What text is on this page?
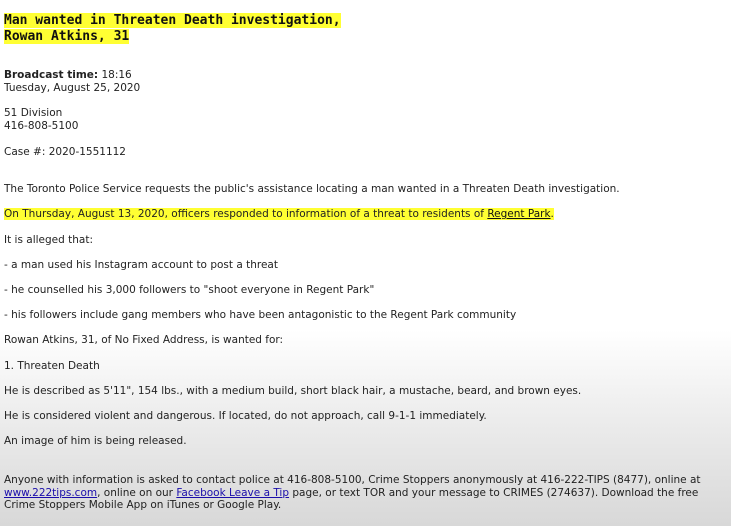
Man wanted in Threaten Death investigation,
Rowan Atkins, 31
Broadcast time: 18:16
Tuesday, August 25, 2020
51 Division
416-808-5100
Case #: 2020-1551112
The Toronto Police Service requests the public's assistance locating a man wanted in a Threaten Death investigation.
On Thursday, August 13, 2020, officers responded to information of a threat to residents of Regent Park.
It is alleged that:
- a man used his Instagram account to post a threat
- he counselled his 3,000 followers to "shoot everyone in Regent Park"
- his followers include gang members who have been antagonistic to the Regent Park community
Rowan Atkins, 31, of No Fixed Address, is wanted for:
1. Threaten Death
He is described as 5'11", 154 lbs., with a medium build, short black hair, a mustache, beard, and brown eyes.
He is considered violent and dangerous. If located, do not approach, call 9-1-1 immediately.
An image of him is being released.
Anyone with information is asked to contact police at 416-808-5100, Crime Stoppers anonymously at 416-222-TIPS (8477), online at www.222tips.com, online on our Facebook Leave a Tip page, or text TOR and your message to CRIMES (274637). Download the free Crime Stoppers Mobile App on iTunes or Google Play.
